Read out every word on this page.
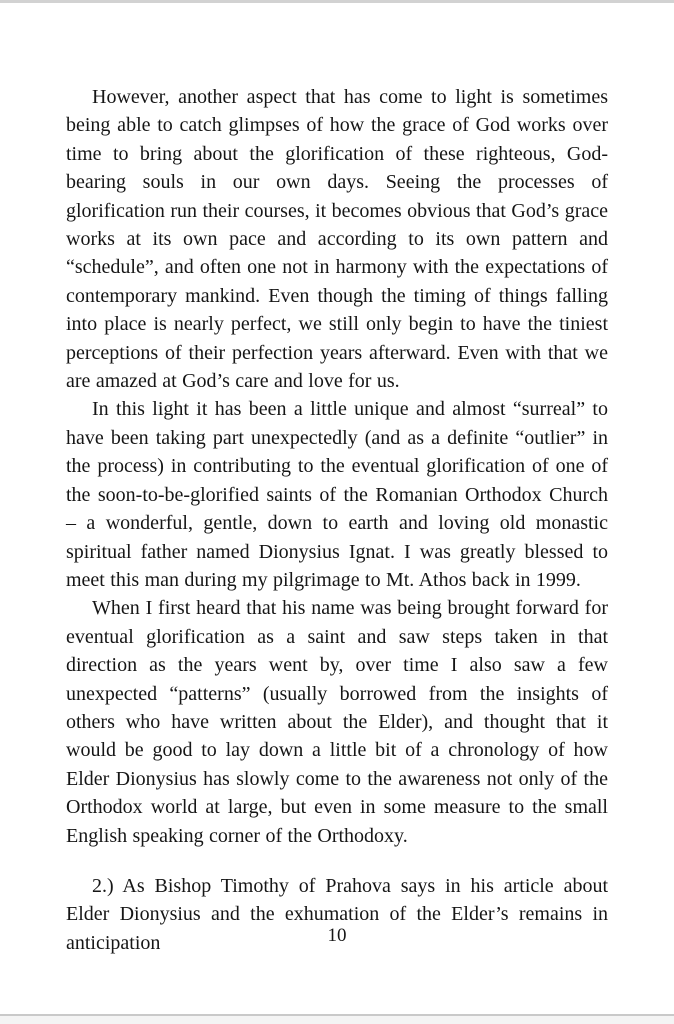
However, another aspect that has come to light is sometimes being able to catch glimpses of how the grace of God works over time to bring about the glorification of these righteous, God-bearing souls in our own days. Seeing the processes of glorification run their courses, it becomes obvious that God’s grace works at its own pace and according to its own pattern and “schedule”, and often one not in harmony with the expectations of contemporary mankind. Even though the timing of things falling into place is nearly perfect, we still only begin to have the tiniest perceptions of their perfection years afterward. Even with that we are amazed at God’s care and love for us.

In this light it has been a little unique and almost “surreal” to have been taking part unexpectedly (and as a definite “outlier” in the process) in contributing to the eventual glorification of one of the soon-to-be-glorified saints of the Romanian Orthodox Church – a wonderful, gentle, down to earth and loving old monastic spiritual father named Dionysius Ignat. I was greatly blessed to meet this man during my pilgrimage to Mt. Athos back in 1999.

When I first heard that his name was being brought forward for eventual glorification as a saint and saw steps taken in that direction as the years went by, over time I also saw a few unexpected “patterns” (usually borrowed from the insights of others who have written about the Elder), and thought that it would be good to lay down a little bit of a chronology of how Elder Dionysius has slowly come to the awareness not only of the Orthodox world at large, but even in some measure to the small English speaking corner of the Orthodoxy.

2.) As Bishop Timothy of Prahova says in his article about Elder Dionysius and the exhumation of the Elder’s remains in anticipation	10
